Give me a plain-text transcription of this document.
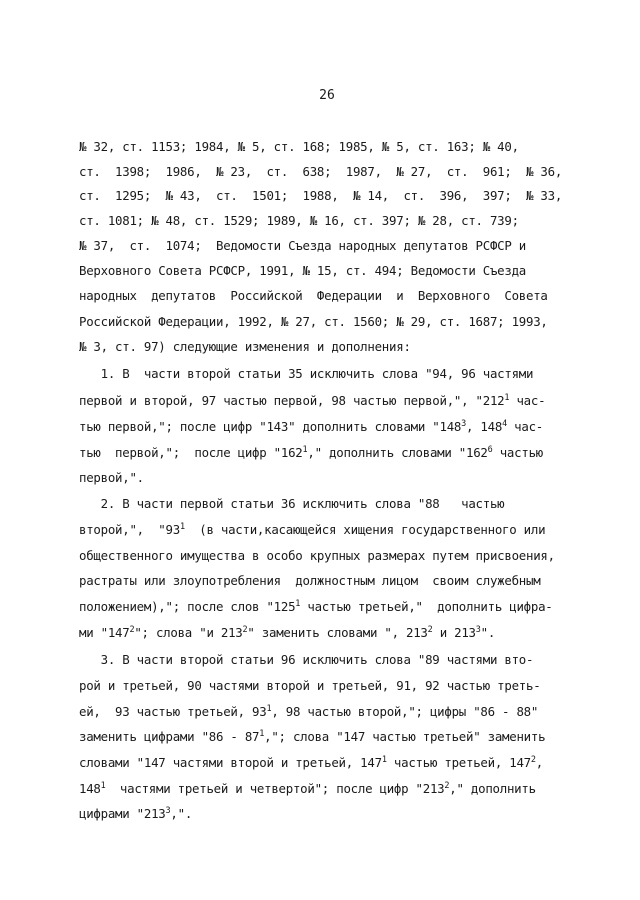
26
№ 32, ст. 1153; 1984, № 5, ст. 168; 1985, № 5, ст. 163; № 40,
ст.  1398;  1986,  № 23,  ст.  638;  1987,  № 27,  ст.  961;  № 36,
ст.  1295;  № 43,  ст.  1501;  1988,  № 14,  ст.  396,  397;  № 33,
ст. 1081; № 48, ст. 1529; 1989, № 16, ст. 397; № 28, ст. 739;
№ 37,  ст.  1074;  Ведомости Съезда народных депутатов РСФСР и
Верховного Совета РСФСР, 1991, № 15, ст. 494; Ведомости Съезда
народных  депутатов  Российской  Федерации  и  Верховного  Совета
Российской Федерации, 1992, № 27, ст. 1560; № 29, ст. 1687; 1993,
№ 3, ст. 97) следующие изменения и дополнения:
1. В  части второй статьи 35 исключить слова "94, 96 частями
первой и второй, 97 частью первой, 98 частью первой,", "$212^1$ час-
тью первой,"; после цифр "143" дополнить словами "$148^3$, $148^4$ час-
тью  первой,";  после цифр "$162^1$," дополнить словами "$162^6$ частью
первой,".
2. В части первой статьи 36 исключить слова "88   частью
второй,",  "$93^1$  (в части,касающейся хищения государственного или
общественного имущества в особо крупных размерах путем присвоения,
растраты или злоупотребления  должностным лицом  своим служебным
положением),"; после слов "$125^1$ частью третьей,"  дополнить цифра-
ми "$147^2$"; слова "и $213^2$" заменить словами ", $213^2$ и $213^3$".
3. В части второй статьи 96 исключить слова "89 частями вто-
рой и третьей, 90 частями второй и третьей, 91, 92 частью треть-
ей,  93 частью третьей, $93^1$, 98 частью второй,"; цифры "86 - 88"
заменить цифрами "$86 - 87^1$,"; слова "147 частью третьей" заменить
словами "147 частями второй и третьей, $147^1$ частью третьей, $147^2$,
$148^1$  частями третьей и четвертой"; после цифр "$213^2$," дополнить
цифрами "$213^3$,".
